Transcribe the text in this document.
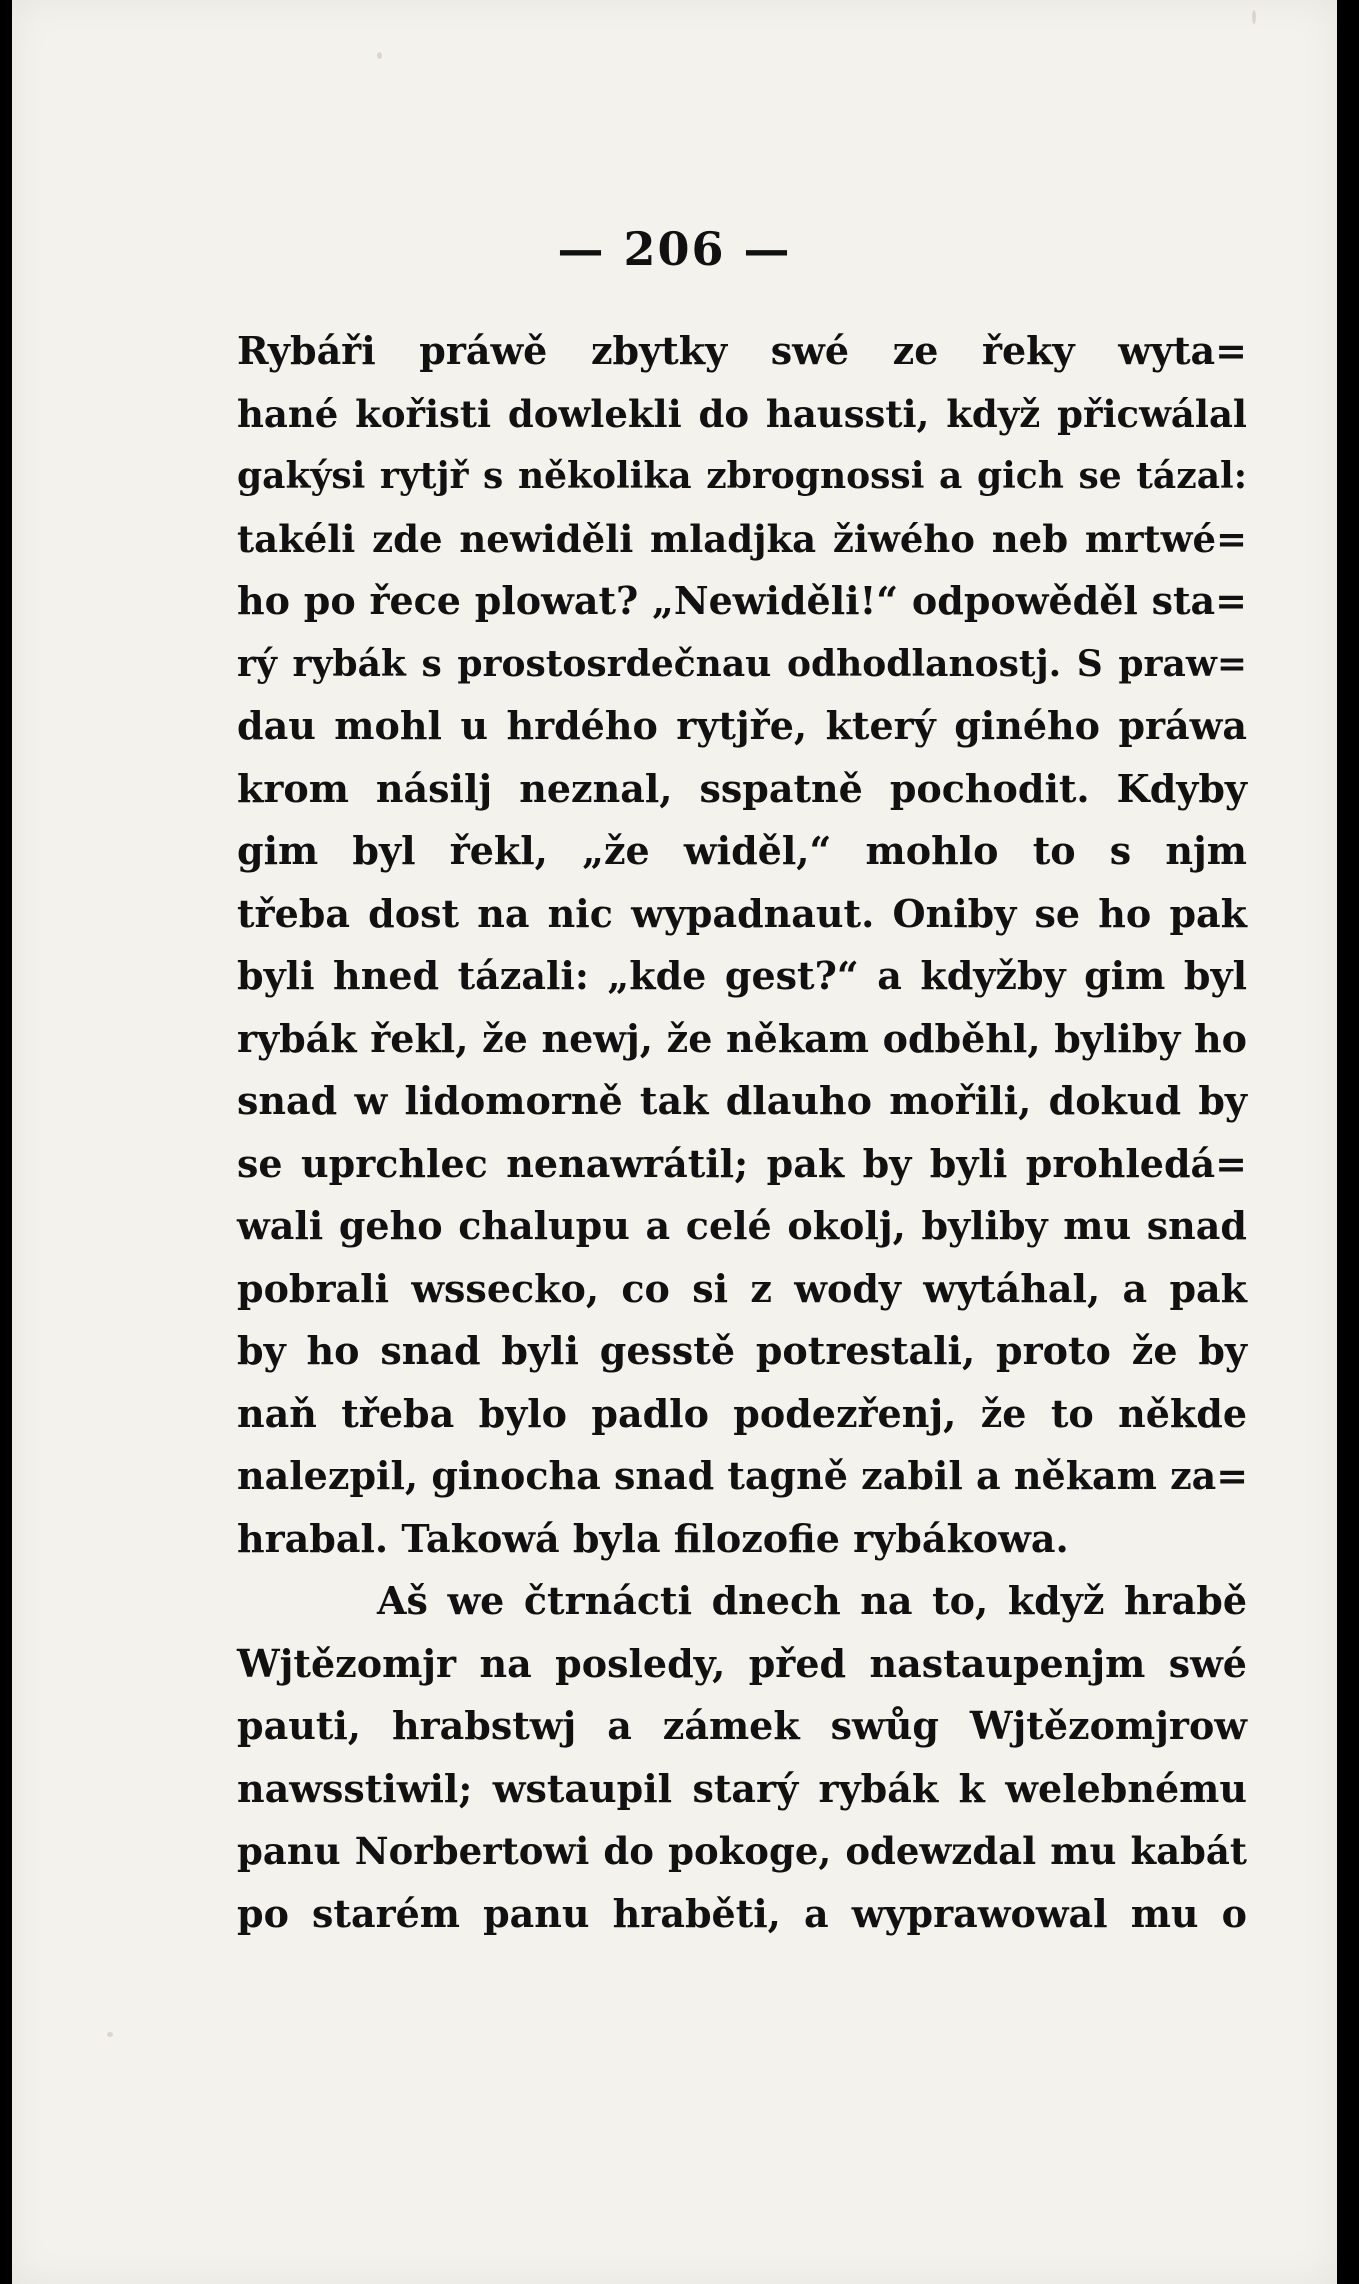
— 206 —
Rybáři práwě zbytky swé ze řeky wyta=
hané kořisti dowlekli do haussti, když přicwálal
gakýsi rytjř s několika zbrognossi a gich se tázal:
takéli zde newiděli mladjka žiwého neb mrtwé=
ho po řece plowat? „Newiděli!“ odpowěděl sta=
rý rybák s prostosrdečnau odhodlanostj. S praw=
dau mohl u hrdého rytjře, který giného práwa
krom násilj neznal, sspatně pochodit. Kdyby
gim byl řekl, „že widěl,“ mohlo to s njm
třeba dost na nic wypadnaut. Oniby se ho pak
byli hned tázali: „kde gest?“ a kdyžby gim byl
rybák řekl, že newj, že někam odběhl, byliby ho
snad w lidomorně tak dlauho mořili, dokud by
se uprchlec nenawrátil; pak by byli prohledá=
wali geho chalupu a celé okolj, byliby mu snad
pobrali wssecko, co si z wody wytáhal, a pak
by ho snad byli gesstě potrestali, proto že by
naň třeba bylo padlo podezřenj, že to někde
nalezpil, ginocha snad tagně zabil a někam za=
hrabal. Takowá byla filozofie rybákowa.
Aš we čtrnácti dnech na to, když hrabě
Wjtězomjr na posledy, před nastaupenjm swé
pauti, hrabstwj a zámek swůg Wjtězomjrow
nawsstiwil; wstaupil starý rybák k welebnému
panu Norbertowi do pokoge, odewzdal mu kabát
po starém panu hraběti, a wyprawowal mu o
